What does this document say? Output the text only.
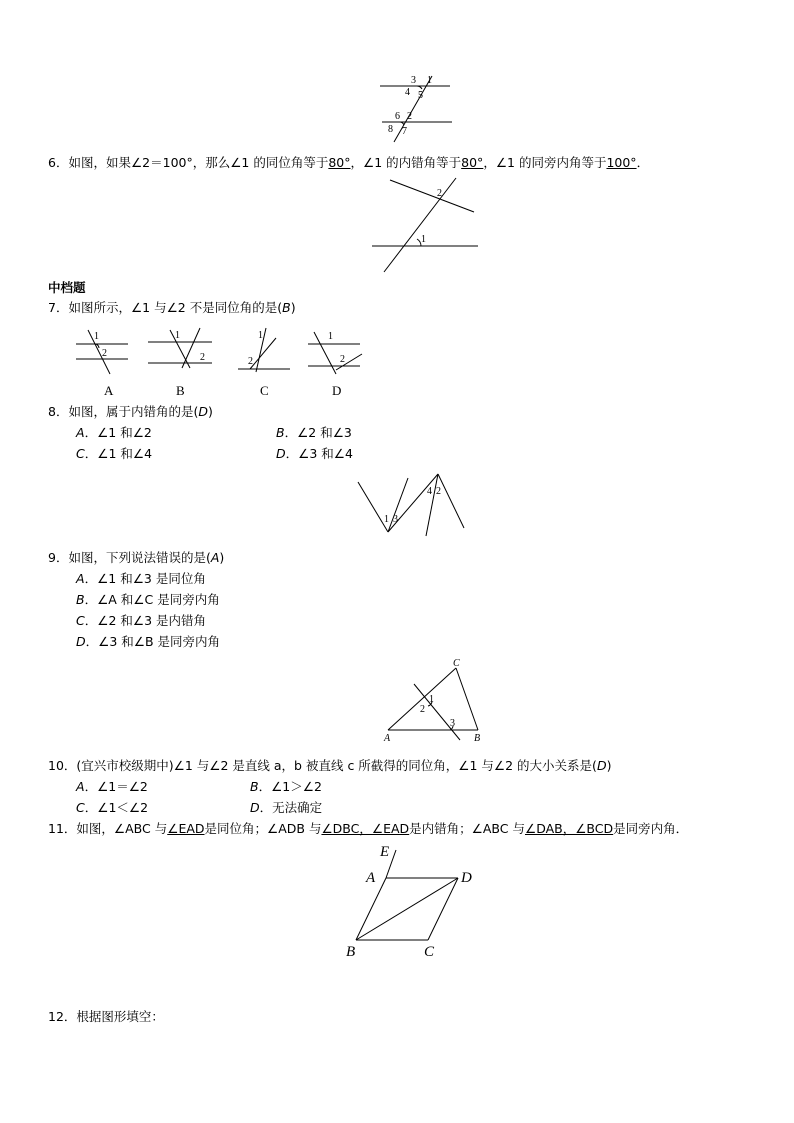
3 1
4 5
6 2
8 7
6．如图，如果∠2＝100°，那么∠1 的同位角等于80°，∠1 的内错角等于80°，∠1 的同旁内角等于100°．
2
1
中档题
7．如图所示，∠1 与∠2 不是同位角的是(B)
1
2
A
1
2
B
1
2
C
1
2
D
8．如图，属于内错角的是(D)
A．∠1 和∠2	B．∠2 和∠3
C．∠1 和∠4	D．∠3 和∠4
1 3
4 2
9．如图，下列说法错误的是(A)
A．∠1 和∠3 是同位角
B．∠A 和∠C 是同旁内角
C．∠2 和∠3 是内错角
D．∠3 和∠B 是同旁内角
C
1
2
3
A	B
10．(宜兴市校级期中)∠1 与∠2 是直线 a，b 被直线 c 所截得的同位角，∠1 与∠2 的大小关系是(D)
A．∠1＝∠2	B．∠1＞∠2
C．∠1＜∠2	D．无法确定
11．如图，∠ABC 与∠EAD是同位角；∠ADB 与∠DBC，∠EAD是内错角；∠ABC 与∠DAB，∠BCD是同旁内角．
E
A	D
B	C
12．根据图形填空：
